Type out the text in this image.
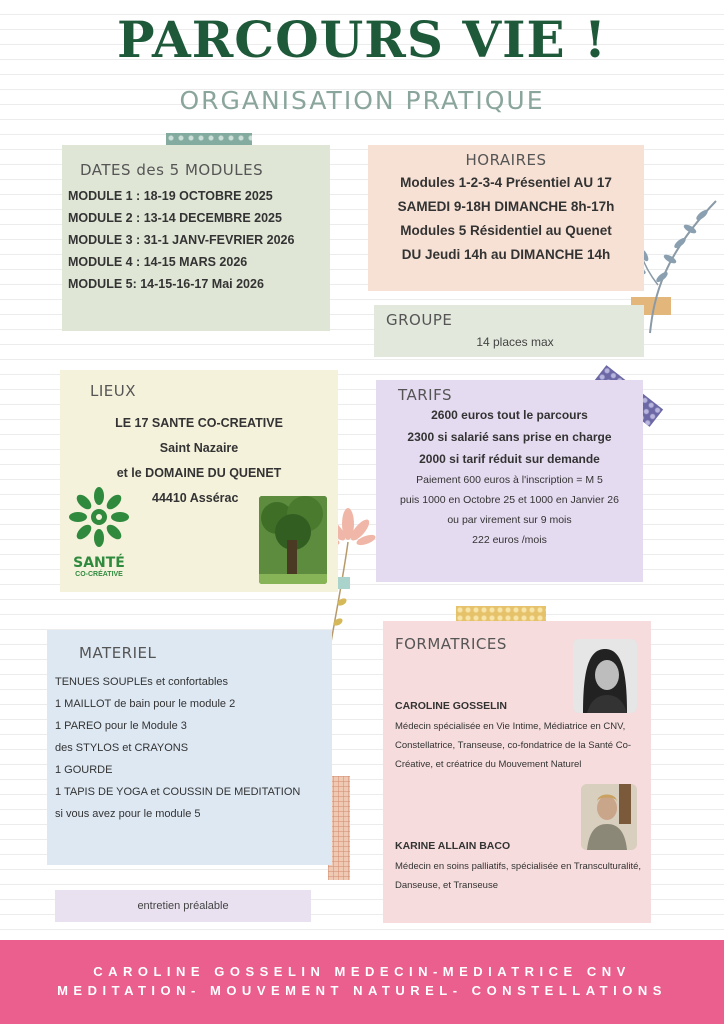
PARCOURS VIE !
ORGANISATION PRATIQUE
DATES des 5 MODULES
MODULE 1 : 18-19 OCTOBRE 2025
MODULE 2 : 13-14 DECEMBRE 2025
MODULE 3 : 31-1 JANV-FEVRIER 2026
MODULE 4 : 14-15 MARS 2026
MODULE 5: 14-15-16-17 Mai 2026
HORAIRES
Modules 1-2-3-4 Présentiel AU 17
SAMEDI 9-18H DIMANCHE 8h-17h
Modules 5 Résidentiel au Quenet
DU Jeudi 14h au DIMANCHE 14h
GROUPE
14 places max
LIEUX
LE 17 SANTE CO-CREATIVE
Saint Nazaire
et le DOMAINE DU QUENET
44410 Assérac
SANTÉ
CO-CRÉATIVE
TARIFS
2600 euros tout le parcours
2300 si salarié sans prise en charge
2000 si tarif réduit sur demande
Paiement 600 euros à l'inscription = M 5
puis 1000 en Octobre 25 et 1000 en Janvier 26
ou par virement sur 9 mois
222 euros /mois
MATERIEL
TENUES SOUPLEs et confortables
1 MAILLOT de bain pour le module 2
1 PAREO pour le Module 3
des STYLOS et CRAYONS
1 GOURDE
1 TAPIS DE YOGA et COUSSIN DE MEDITATION
si vous avez pour le module 5
entretien préalable
FORMATRICES
CAROLINE GOSSELIN
Médecin spécialisée en Vie Intime, Médiatrice en CNV, Constellatrice, Transeuse, co-fondatrice de la Santé Co-Créative, et créatrice du Mouvement Naturel
KARINE ALLAIN BACO
Médecin en soins palliatifs, spécialisée en Transculturalité, Danseuse, et Transeuse
CAROLINE GOSSELIN MEDECIN-MEDIATRICE CNV
MEDITATION- MOUVEMENT NATUREL- CONSTELLATIONS
